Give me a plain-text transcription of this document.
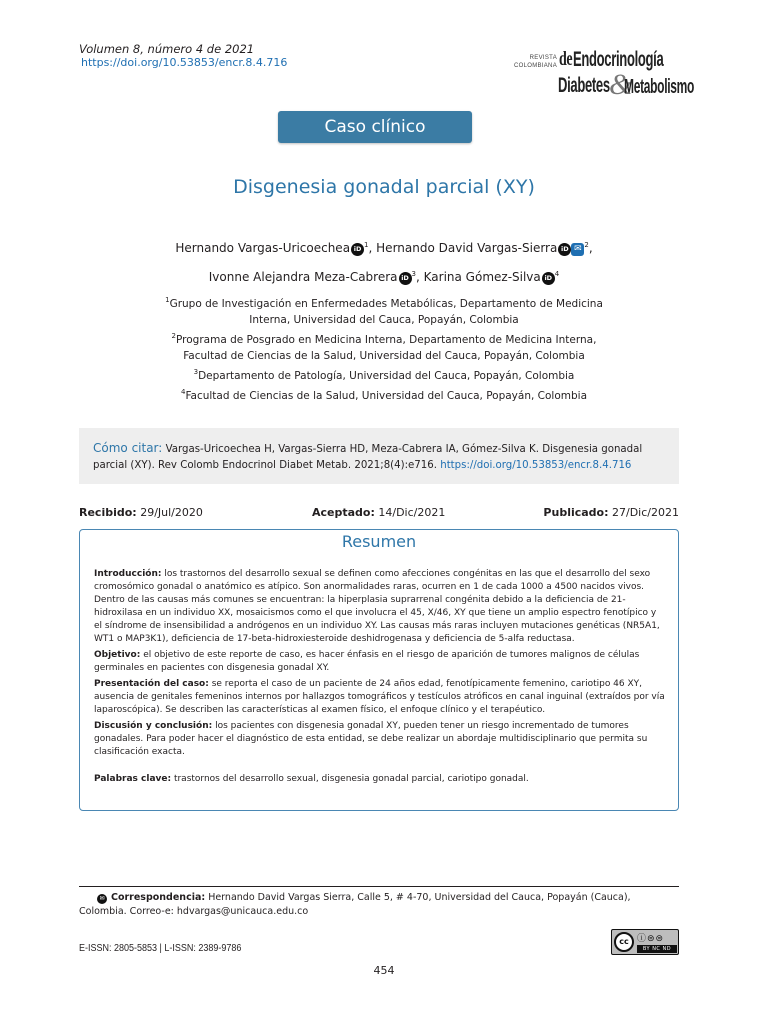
Volumen 8, número 4 de 2021
https://doi.org/10.53853/encr.8.4.716	REVISTA
COLOMBIANA de Endocrinología
Diabetes &
Metabolismo
Caso clínico
Disgenesia gonadal parcial (XY)
Hernando Vargas-Uricoechea iD $^1$, Hernando David Vargas-Sierra iD ✉ $^2$,
Ivonne Alejandra Meza-Cabrera iD $^3$, Karina Gómez-Silva iD $^4$
$^1$Grupo de Investigación en Enfermedades Metabólicas, Departamento de Medicina
Interna, Universidad del Cauca, Popayán, Colombia
$^2$Programa de Posgrado en Medicina Interna, Departamento de Medicina Interna,
Facultad de Ciencias de la Salud, Universidad del Cauca, Popayán, Colombia
$^3$Departamento de Patología, Universidad del Cauca, Popayán, Colombia
$^4$Facultad de Ciencias de la Salud, Universidad del Cauca, Popayán, Colombia
Cómo citar: Vargas-Uricoechea H, Vargas-Sierra HD, Meza-Cabrera IA, Gómez-Silva K. Disgenesia gonadal parcial (XY). Rev Colomb Endocrinol Diabet Metab. 2021;8(4):e716. https://doi.org/10.53853/encr.8.4.716
Recibido: 29/Jul/2020	Aceptado: 14/Dic/2021	Publicado: 27/Dic/2021
Resumen

Introducción: los trastornos del desarrollo sexual se definen como afecciones congénitas en las que el desarrollo del sexo cromosómico gonadal o anatómico es atípico. Son anormalidades raras, ocurren en 1 de cada 1000 a 4500 nacidos vivos. Dentro de las causas más comunes se encuentran: la hiperplasia suprarrenal congénita debido a la deficiencia de 21-hidroxilasa en un individuo XX, mosaicismos como el que involucra el 45, X/46, XY que tiene un amplio espectro fenotípico y el síndrome de insensibilidad a andrógenos en un individuo XY. Las causas más raras incluyen mutaciones genéticas (NR5A1, WT1 o MAP3K1), deficiencia de 17-beta-hidroxiesteroide deshidrogenasa y deficiencia de 5-alfa reductasa.

Objetivo: el objetivo de este reporte de caso, es hacer énfasis en el riesgo de aparición de tumores malignos de células germinales en pacientes con disgenesia gonadal XY.

Presentación del caso: se reporta el caso de un paciente de 24 años edad, fenotípicamente femenino, cariotipo 46 XY, ausencia de genitales femeninos internos por hallazgos tomográficos y testículos atróficos en canal inguinal (extraídos por vía laparoscópica). Se describen las características al examen físico, el enfoque clínico y el terapéutico.

Discusión y conclusión: los pacientes con disgenesia gonadal XY, pueden tener un riesgo incrementado de tumores gonadales. Para poder hacer el diagnóstico de esta entidad, se debe realizar un abordaje multidisciplinario que permita su clasificación exacta.

Palabras clave: trastornos del desarrollo sexual, disgenesia gonadal parcial, cariotipo gonadal.

✉ Correspondencia: Hernando David Vargas Sierra, Calle 5, # 4-70, Universidad del Cauca, Popayán (Cauca), Colombia. Correo-e: hdvargas@unicauca.edu.co
E-ISSN: 2805-5853 | L-ISSN: 2389-9786
cc ⓘ⊜⊜
BY NC ND
454
